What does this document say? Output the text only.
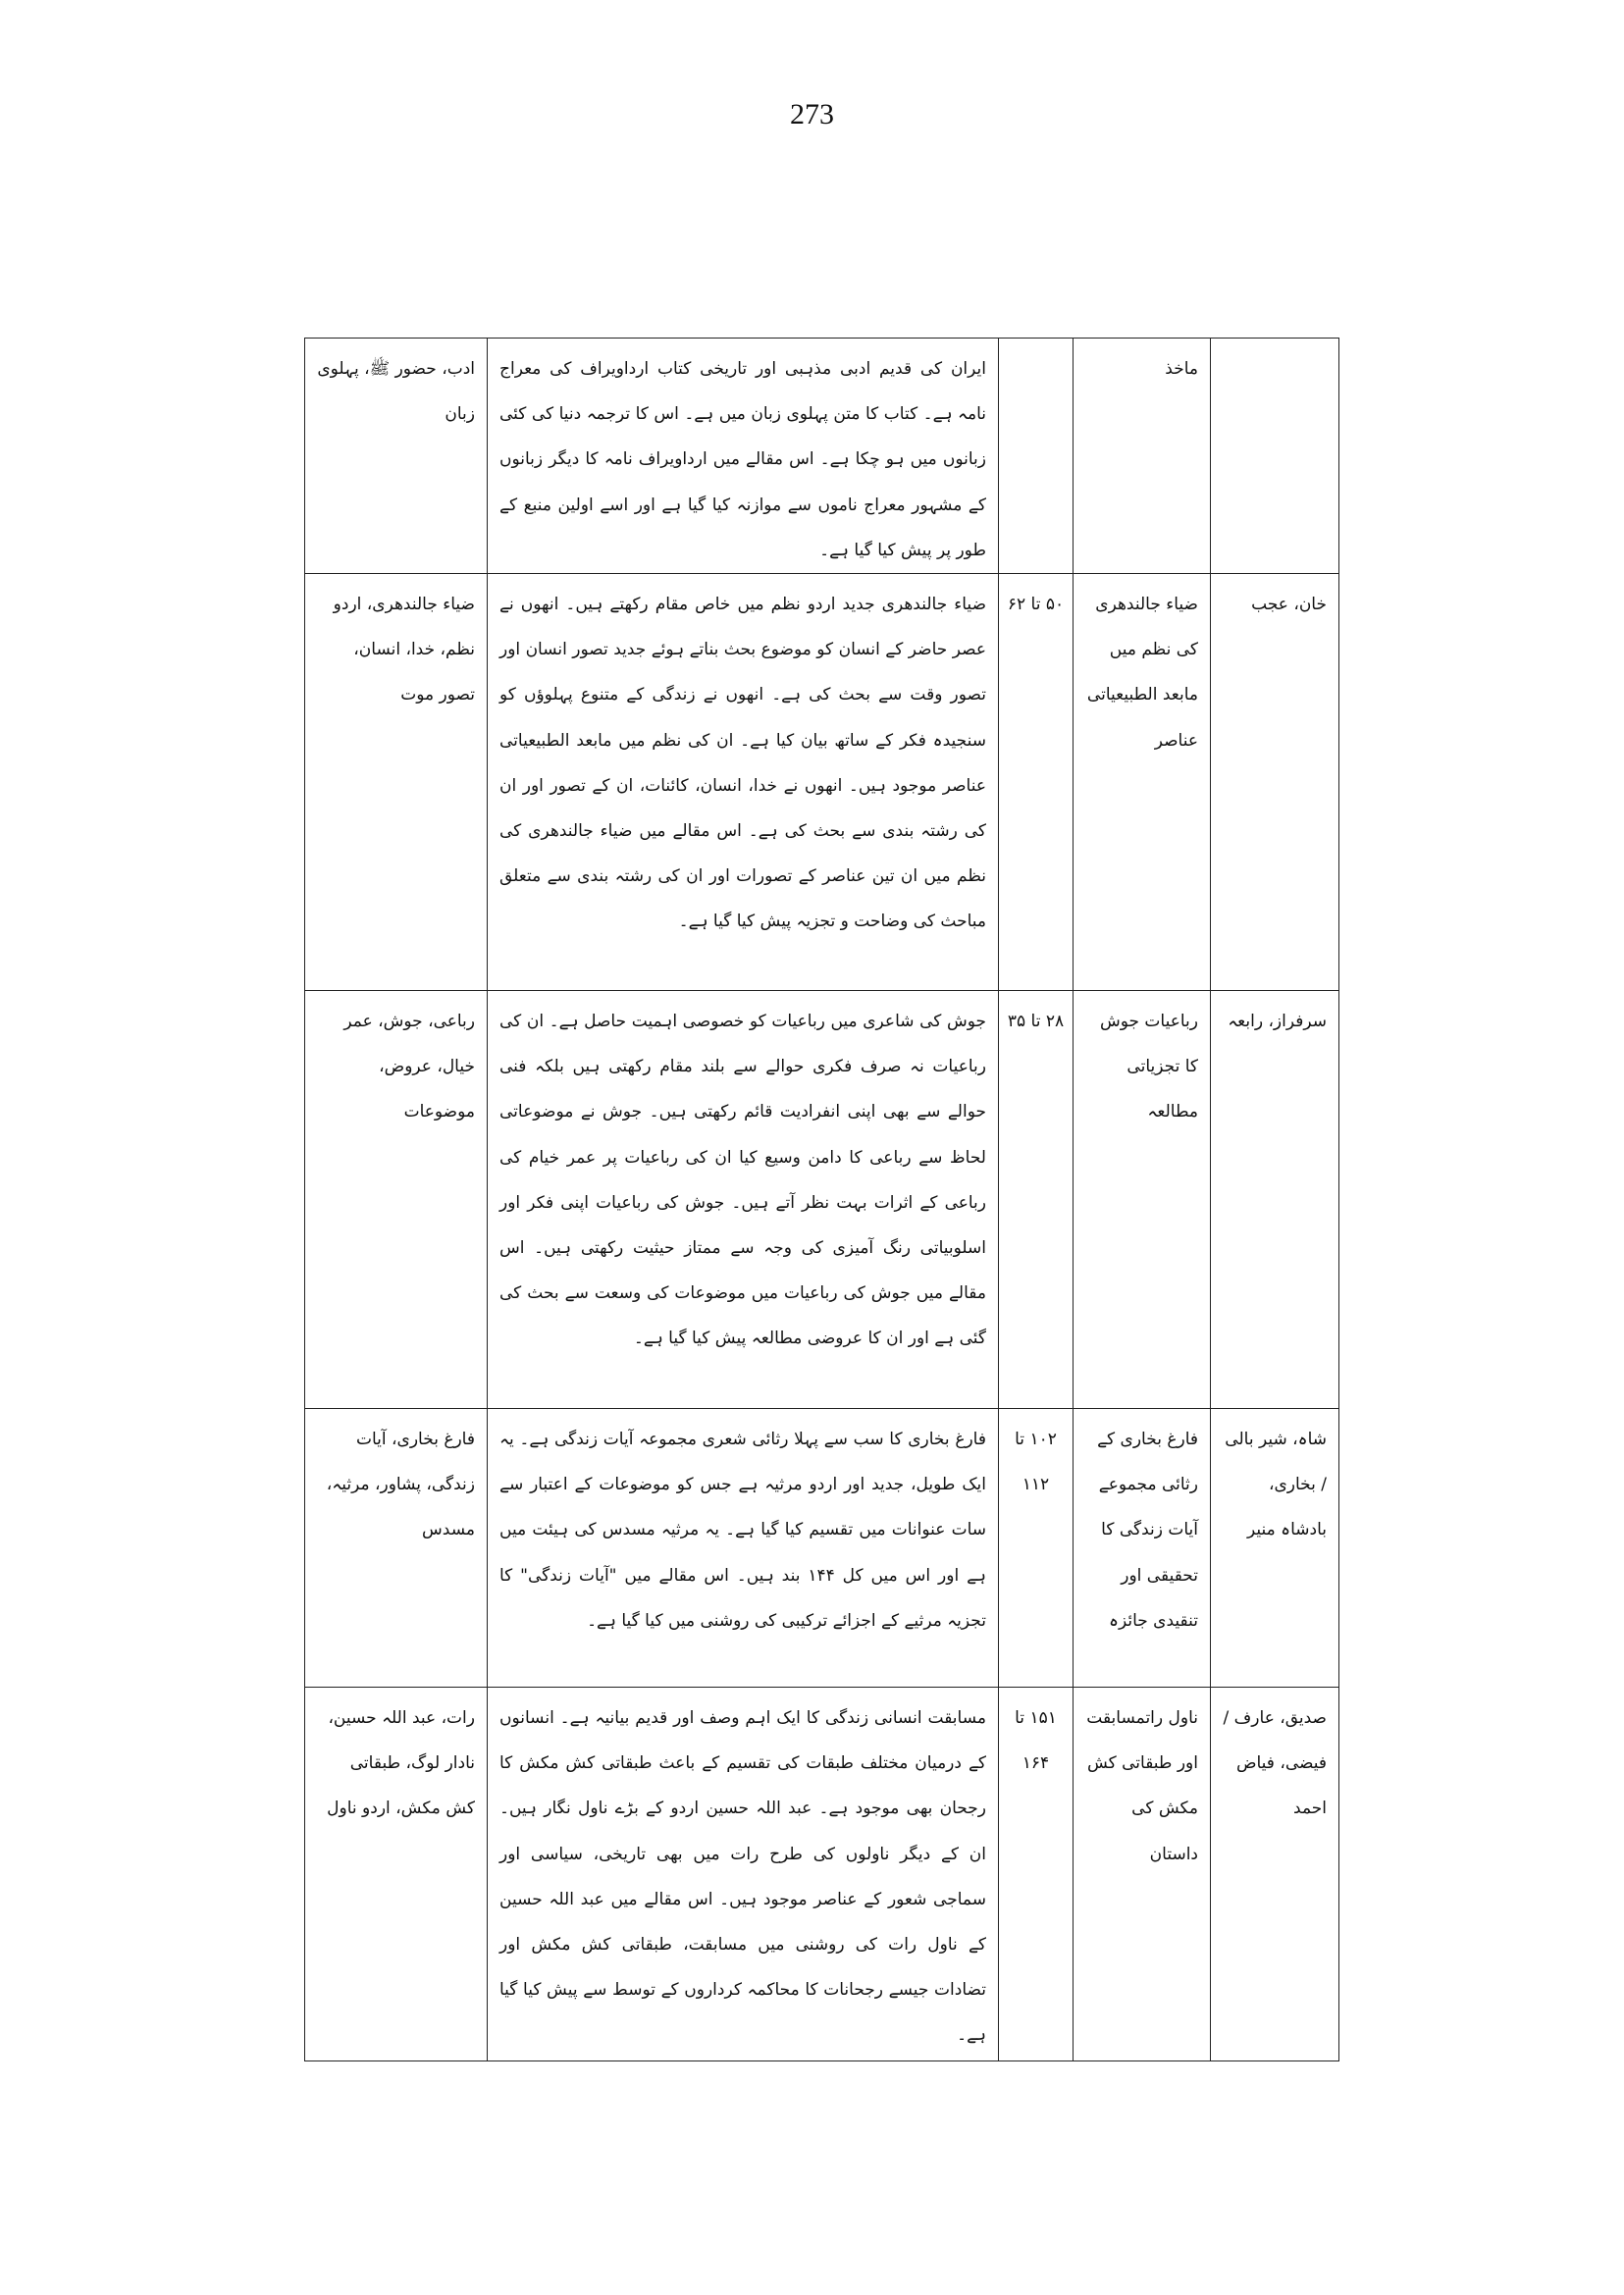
273
	ماخذ		ایران کی قدیم ادبی مذہبی اور تاریخی کتاب ارداویراف کی معراج نامہ ہے۔ کتاب کا متن پہلوی زبان میں ہے۔ اس کا ترجمہ دنیا کی کئی زبانوں میں ہو چکا ہے۔ اس مقالے میں ارداویراف نامہ کا دیگر زبانوں کے مشہور معراج ناموں سے موازنہ کیا گیا ہے اور اسے اولین منبع کے طور پر پیش کیا گیا ہے۔	ادب، حضور ﷺ، پہلوی زبان
خان، عجب	ضیاء جالندھری کی نظم میں مابعد الطبیعیاتی عناصر	۵۰ تا ۶۲	ضیاء جالندھری جدید اردو نظم میں خاص مقام رکھتے ہیں۔ انھوں نے عصر حاضر کے انسان کو موضوع بحث بناتے ہوئے جدید تصور انسان اور تصور وقت سے بحث کی ہے۔ انھوں نے زندگی کے متنوع پہلوؤں کو سنجیدہ فکر کے ساتھ بیان کیا ہے۔ ان کی نظم میں مابعد الطبیعیاتی عناصر موجود ہیں۔ انھوں نے خدا، انسان، کائنات، ان کے تصور اور ان کی رشتہ بندی سے بحث کی ہے۔ اس مقالے میں ضیاء جالندھری کی نظم میں ان تین عناصر کے تصورات اور ان کی رشتہ بندی سے متعلق مباحث کی وضاحت و تجزیہ پیش کیا گیا ہے۔	ضیاء جالندھری، اردو نظم، خدا، انسان، تصور موت
سرفراز، رابعہ	رباعیات جوش کا تجزیاتی مطالعہ	۲۸ تا ۳۵	جوش کی شاعری میں رباعیات کو خصوصی اہمیت حاصل ہے۔ ان کی رباعیات نہ صرف فکری حوالے سے بلند مقام رکھتی ہیں بلکہ فنی حوالے سے بھی اپنی انفرادیت قائم رکھتی ہیں۔ جوش نے موضوعاتی لحاظ سے رباعی کا دامن وسیع کیا ان کی رباعیات پر عمر خیام کی رباعی کے اثرات بہت نظر آتے ہیں۔ جوش کی رباعیات اپنی فکر اور اسلوبیاتی رنگ آمیزی کی وجہ سے ممتاز حیثیت رکھتی ہیں۔ اس مقالے میں جوش کی رباعیات میں موضوعات کی وسعت سے بحث کی گئی ہے اور ان کا عروضی مطالعہ پیش کیا گیا ہے۔	رباعی، جوش، عمر خیال، عروض، موضوعات
شاہ، شیر بالی / بخاری، بادشاہ منیر	فارغ بخاری کے رثائی مجموعے آیات زندگی کا تحقیقی اور تنقیدی جائزہ	۱۰۲ تا ۱۱۲	فارغ بخاری کا سب سے پہلا رثائی شعری مجموعہ آیات زندگی ہے۔ یہ ایک طویل، جدید اور اردو مرثیہ ہے جس کو موضوعات کے اعتبار سے سات عنوانات میں تقسیم کیا گیا ہے۔ یہ مرثیہ مسدس کی ہیئت میں ہے اور اس میں کل ۱۴۴ بند ہیں۔ اس مقالے میں "آیات زندگی" کا تجزیہ مرثیے کے اجزائے ترکیبی کی روشنی میں کیا گیا ہے۔	فارغ بخاری، آیات زندگی، پشاور، مرثیہ، مسدس
صدیق، عارف / فیضی، فیاض احمد	ناول راتمسابقت اور طبقاتی کش مکش کی داستان	۱۵۱ تا ۱۶۴	مسابقت انسانی زندگی کا ایک اہم وصف اور قدیم بیانیہ ہے۔ انسانوں کے درمیان مختلف طبقات کی تقسیم کے باعث طبقاتی کش مکش کا رجحان بھی موجود ہے۔ عبد اللہ حسین اردو کے بڑے ناول نگار ہیں۔ ان کے دیگر ناولوں کی طرح رات میں بھی تاریخی، سیاسی اور سماجی شعور کے عناصر موجود ہیں۔ اس مقالے میں عبد اللہ حسین کے ناول رات کی روشنی میں مسابقت، طبقاتی کش مکش اور تضادات جیسے رجحانات کا محاکمہ کرداروں کے توسط سے پیش کیا گیا ہے۔	رات، عبد اللہ حسین، نادار لوگ، طبقاتی کش مکش، اردو ناول
